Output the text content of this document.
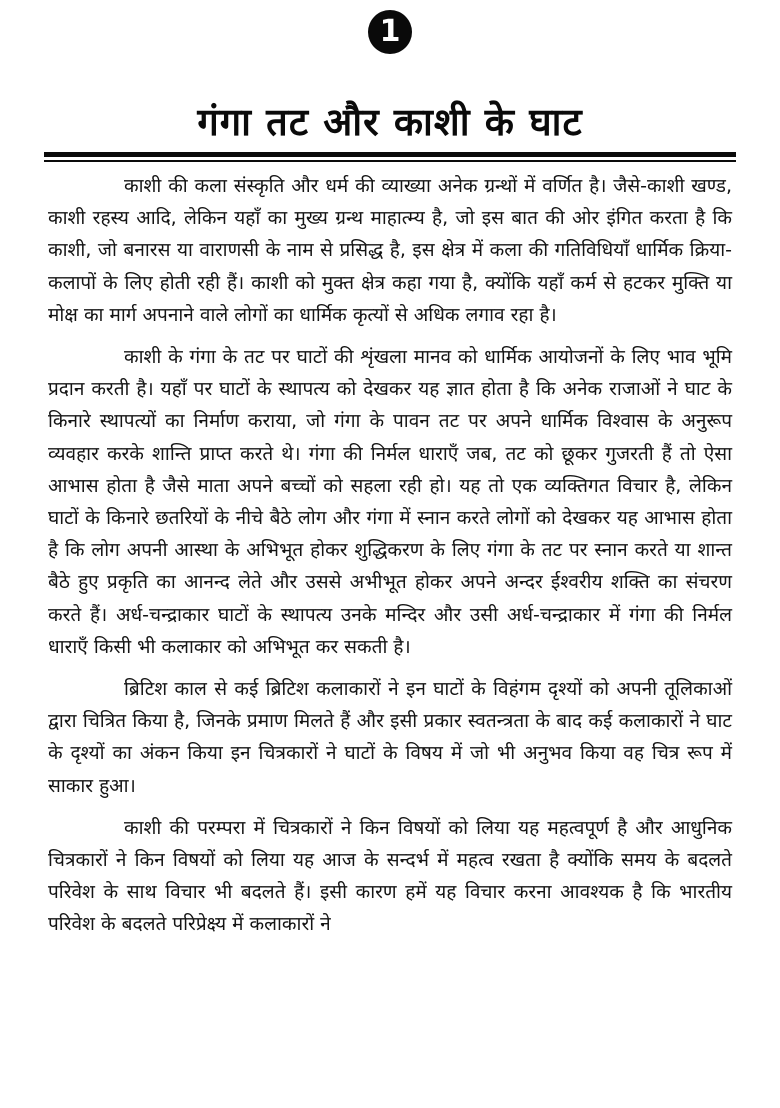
1
गंगा तट और काशी के घाट

काशी की कला संस्कृति और धर्म की व्याख्या अनेक ग्रन्थों में वर्णित है। जैसे-काशी खण्ड, काशी रहस्य आदि, लेकिन यहाँ का मुख्य ग्रन्थ माहात्म्य है, जो इस बात की ओर इंगित करता है कि काशी, जो बनारस या वाराणसी के नाम से प्रसिद्ध है, इस क्षेत्र में कला की गतिविधियाँ धार्मिक क्रिया-कलापों के लिए होती रही हैं। काशी को मुक्त क्षेत्र कहा गया है, क्योंकि यहाँ कर्म से हटकर मुक्ति या मोक्ष का मार्ग अपनाने वाले लोगों का धार्मिक कृत्यों से अधिक लगाव रहा है।

काशी के गंगा के तट पर घाटों की शृंखला मानव को धार्मिक आयोजनों के लिए भाव भूमि प्रदान करती है। यहाँ पर घाटों के स्थापत्य को देखकर यह ज्ञात होता है कि अनेक राजाओं ने घाट के किनारे स्थापत्यों का निर्माण कराया, जो गंगा के पावन तट पर अपने धार्मिक विश्वास के अनुरूप व्यवहार करके शान्ति प्राप्त करते थे। गंगा की निर्मल धाराएँ जब, तट को छूकर गुजरती हैं तो ऐसा आभास होता है जैसे माता अपने बच्चों को सहला रही हो। यह तो एक व्यक्तिगत विचार है, लेकिन घाटों के किनारे छतरियों के नीचे बैठे लोग और गंगा में स्नान करते लोगों को देखकर यह आभास होता है कि लोग अपनी आस्था के अभिभूत होकर शुद्धिकरण के लिए गंगा के तट पर स्नान करते या शान्त बैठे हुए प्रकृति का आनन्द लेते और उससे अभीभूत होकर अपने अन्दर ईश्वरीय शक्ति का संचरण करते हैं। अर्ध-चन्द्राकार घाटों के स्थापत्य उनके मन्दिर और उसी अर्ध-चन्द्राकार में गंगा की निर्मल धाराएँ किसी भी कलाकार को अभिभूत कर सकती है।

ब्रिटिश काल से कई ब्रिटिश कलाकारों ने इन घाटों के विहंगम दृश्यों को अपनी तूलिकाओं द्वारा चित्रित किया है, जिनके प्रमाण मिलते हैं और इसी प्रकार स्वतन्त्रता के बाद कई कलाकारों ने घाट के दृश्यों का अंकन किया इन चित्रकारों ने घाटों के विषय में जो भी अनुभव किया वह चित्र रूप में साकार हुआ।

काशी की परम्परा में चित्रकारों ने किन विषयों को लिया यह महत्वपूर्ण है और आधुनिक चित्रकारों ने किन विषयों को लिया यह आज के सन्दर्भ में महत्व रखता है क्योंकि समय के बदलते परिवेश के साथ विचार भी बदलते हैं। इसी कारण हमें यह विचार करना आवश्यक है कि भारतीय परिवेश के बदलते परिप्रेक्ष्य में कलाकारों ने
